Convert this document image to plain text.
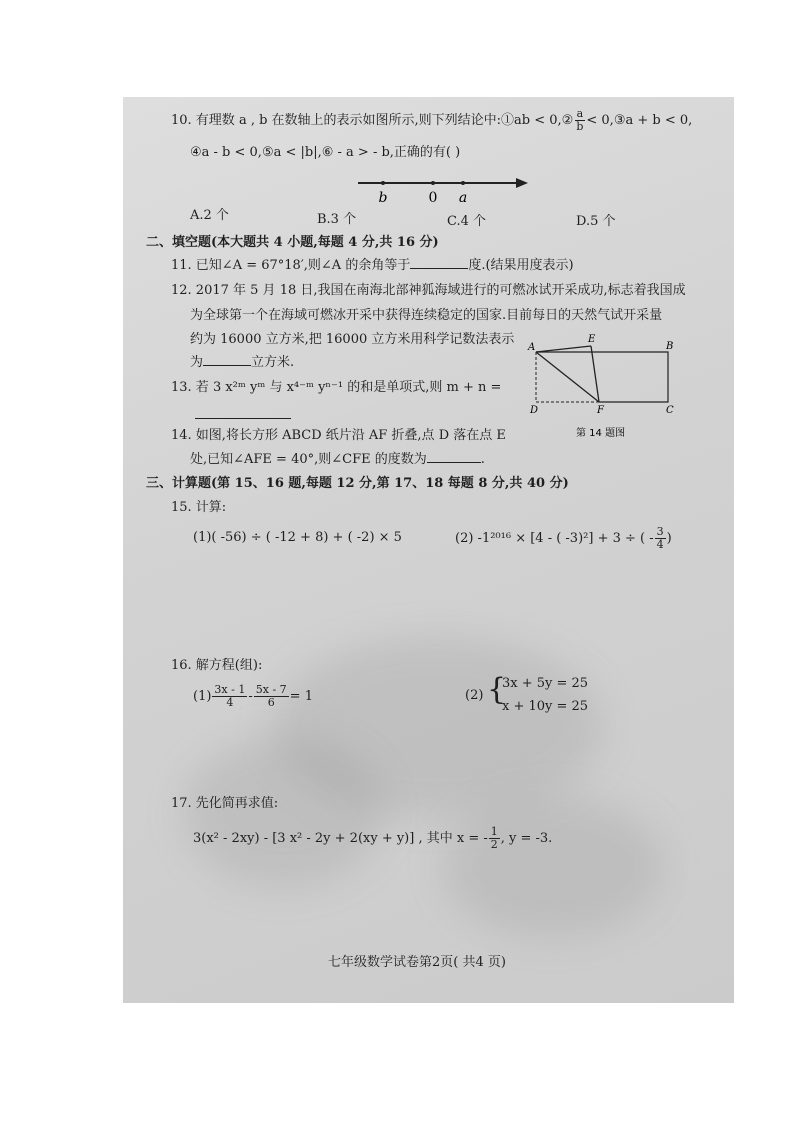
10. 有理数 a , b 在数轴上的表示如图所示,则下列结论中:①ab < 0,② $\frac{a}{b}$ < 0,③a + b < 0,
④a - b < 0,⑤a < |b|,⑥ - a > - b,正确的有( )
b	0 a
A.2 个	B.3 个	C.4 个	D.5 个
二、填空题(本大题共 4 小题,每题 4 分,共 16 分)
11. 已知∠A = 67°18′,则∠A 的余角等于	度.(结果用度表示)
12. 2017 年 5 月 18 日,我国在南海北部神狐海域进行的可燃冰试开采成功,标志着我国成
为全球第一个在海域可燃冰开采中获得连续稳定的国家.目前每日的天然气试开采量
约为 16000 立方米,把 16000 立方米用科学记数法表示
为	立方米.
13. 若 3 x²ᵐ yᵐ 与 x⁴⁻ᵐ yⁿ⁻¹ 的和是单项式,则 m + n =

14. 如图,将长方形 ABCD 纸片沿 AF 折叠,点 D 落在点 E
处,已知∠AFE = 40°,则∠CFE 的度数为	.
A
E
B
D	F	C
第 14 题图
三、计算题(第 15、16 题,每题 12 分,第 17、18 每题 8 分,共 40 分)
15. 计算:
(1)( -56) ÷ ( -12 + 8) + ( -2) × 5	(2) -1²⁰¹⁶ × [4 - ( -3)²] + 3 ÷ ( - $\frac{3}{4}$ )
16. 解方程(组):
$(1) \frac{3x - 1}{4} - \frac{5x - 7}{6} = 1$	(2) {
3x + 5y = 25
x + 10y = 25
17. 先化简再求值:
3(x² - 2xy) - [3 x² - 2y + 2(xy + y)] , 其中 x = - $\frac{1}{2}$ , y = -3.
七年级数学试卷第2页( 共4 页)
